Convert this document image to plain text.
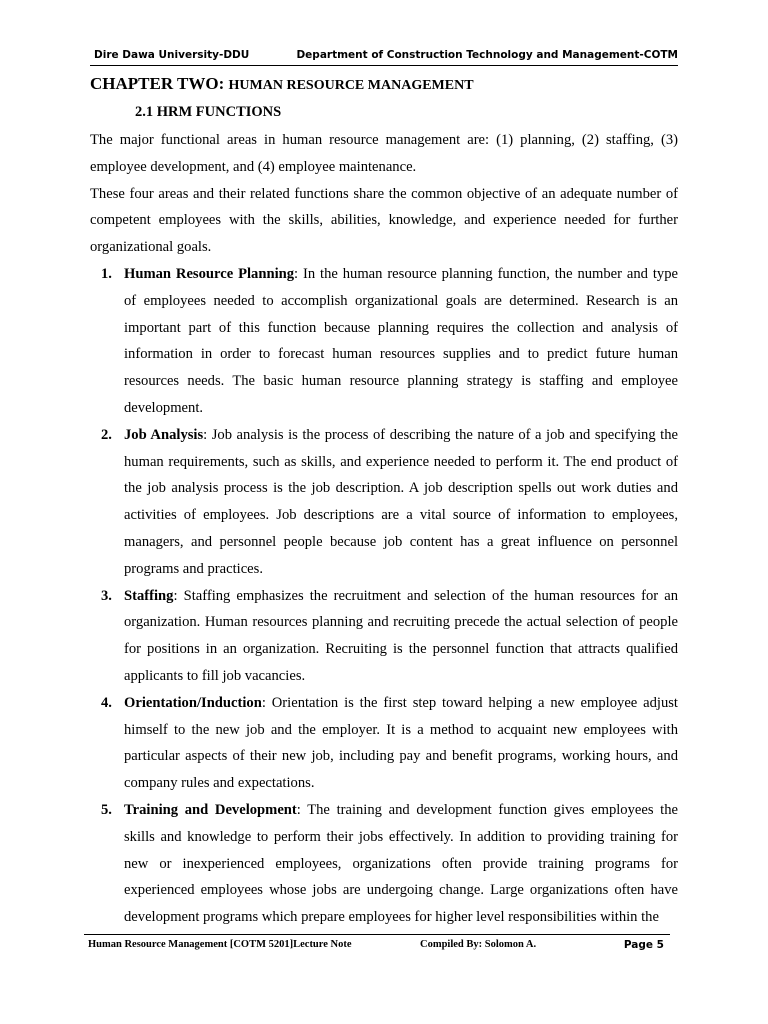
Dire Dawa University-DDU	Department of Construction Technology and Management-COTM
CHAPTER TWO: HUMAN RESOURCE MANAGEMENT
2.1 HRM FUNCTIONS

The major functional areas in human resource management are: (1) planning, (2) staffing, (3) employee development, and (4) employee maintenance.

These four areas and their related functions share the common objective of an adequate number of competent employees with the skills, abilities, knowledge, and experience needed for further organizational goals.

1. Human Resource Planning: In the human resource planning function, the number and type of employees needed to accomplish organizational goals are determined. Research is an important part of this function because planning requires the collection and analysis of information in order to forecast human resources supplies and to predict future human resources needs. The basic human resource planning strategy is staffing and employee development.
2. Job Analysis: Job analysis is the process of describing the nature of a job and specifying the human requirements, such as skills, and experience needed to perform it. The end product of the job analysis process is the job description. A job description spells out work duties and activities of employees. Job descriptions are a vital source of information to employees, managers, and personnel people because job content has a great influence on personnel programs and practices.
3. Staffing: Staffing emphasizes the recruitment and selection of the human resources for an organization. Human resources planning and recruiting precede the actual selection of people for positions in an organization. Recruiting is the personnel function that attracts qualified applicants to fill job vacancies.
4. Orientation/Induction: Orientation is the first step toward helping a new employee adjust himself to the new job and the employer. It is a method to acquaint new employees with particular aspects of their new job, including pay and benefit programs, working hours, and company rules and expectations.
5. Training and Development: The training and development function gives employees the skills and knowledge to perform their jobs effectively. In addition to providing training for new or inexperienced employees, organizations often provide training programs for experienced employees whose jobs are undergoing change. Large organizations often have development programs which prepare employees for higher level responsibilities within the
Human Resource Management [COTM 5201]Lecture Note	Compiled By: Solomon A.	Page 5
